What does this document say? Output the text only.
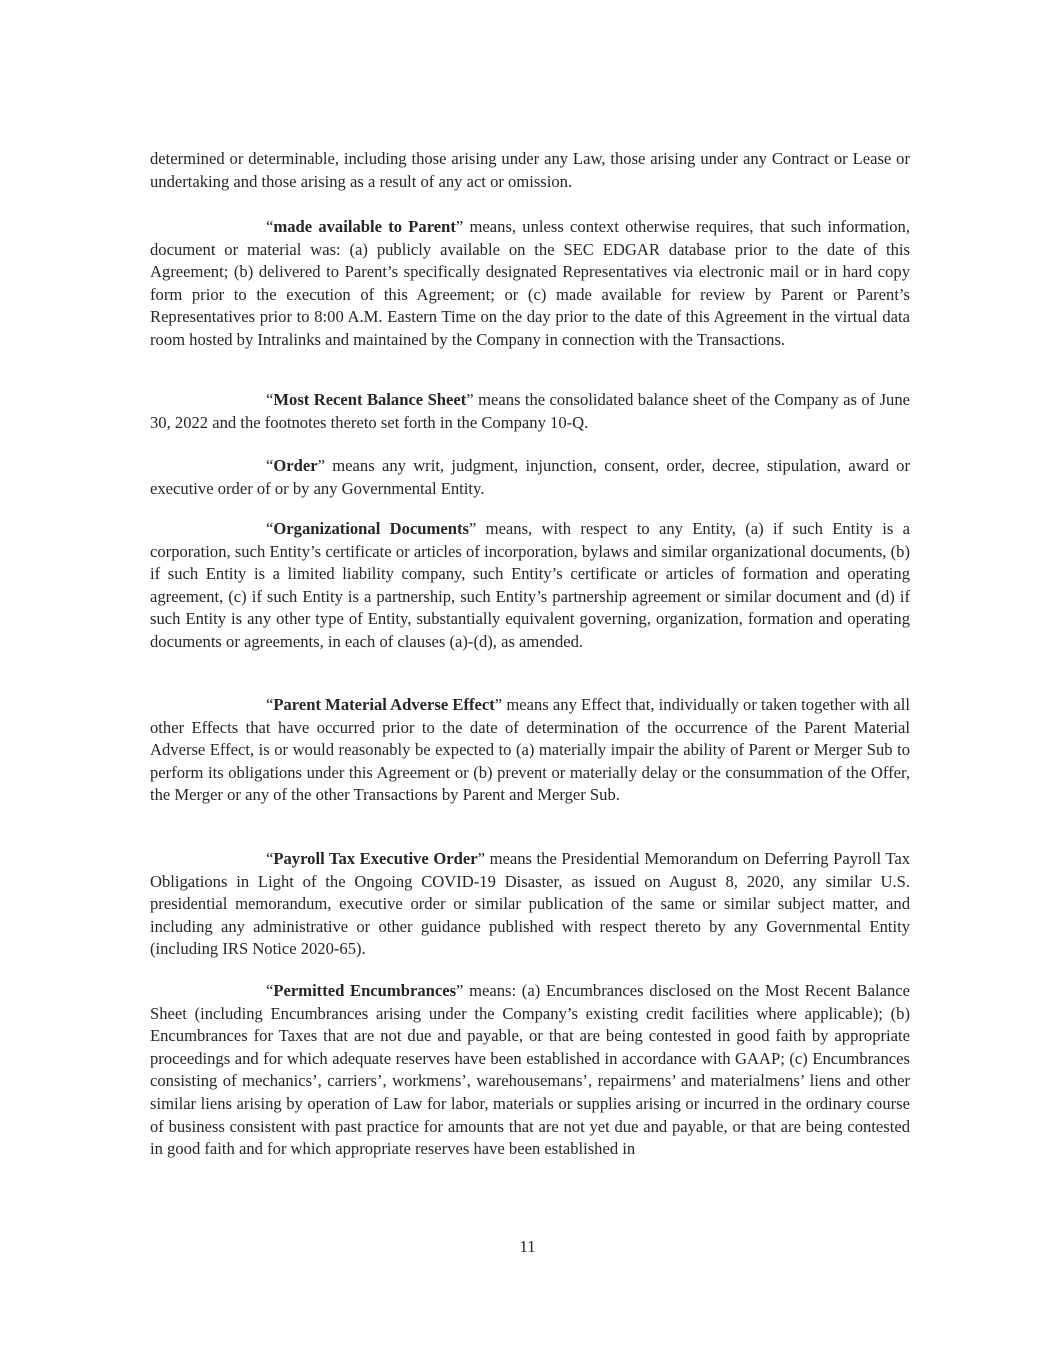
determined or determinable, including those arising under any Law, those arising under any Contract or Lease or undertaking and those arising as a result of any act or omission.

“made available to Parent” means, unless context otherwise requires, that such information, document or material was: (a) publicly available on the SEC EDGAR database prior to the date of this Agreement; (b) delivered to Parent’s specifically designated Representatives via electronic mail or in hard copy form prior to the execution of this Agreement; or (c) made available for review by Parent or Parent’s Representatives prior to 8:00 A.M. Eastern Time on the day prior to the date of this Agreement in the virtual data room hosted by Intralinks and maintained by the Company in connection with the Transactions.

“Most Recent Balance Sheet” means the consolidated balance sheet of the Company as of June 30, 2022 and the footnotes thereto set forth in the Company 10-Q.

“Order” means any writ, judgment, injunction, consent, order, decree, stipulation, award or executive order of or by any Governmental Entity.

“Organizational Documents” means, with respect to any Entity, (a) if such Entity is a corporation, such Entity’s certificate or articles of incorporation, bylaws and similar organizational documents, (b) if such Entity is a limited liability company, such Entity’s certificate or articles of formation and operating agreement, (c) if such Entity is a partnership, such Entity’s partnership agreement or similar document and (d) if such Entity is any other type of Entity, substantially equivalent governing, organization, formation and operating documents or agreements, in each of clauses (a)-(d), as amended.

“Parent Material Adverse Effect” means any Effect that, individually or taken together with all other Effects that have occurred prior to the date of determination of the occurrence of the Parent Material Adverse Effect, is or would reasonably be expected to (a) materially impair the ability of Parent or Merger Sub to perform its obligations under this Agreement or (b) prevent or materially delay or the consummation of the Offer, the Merger or any of the other Transactions by Parent and Merger Sub.

“Payroll Tax Executive Order” means the Presidential Memorandum on Deferring Payroll Tax Obligations in Light of the Ongoing COVID-19 Disaster, as issued on August 8, 2020, any similar U.S. presidential memorandum, executive order or similar publication of the same or similar subject matter, and including any administrative or other guidance published with respect thereto by any Governmental Entity (including IRS Notice 2020-65).

“Permitted Encumbrances” means: (a) Encumbrances disclosed on the Most Recent Balance Sheet (including Encumbrances arising under the Company’s existing credit facilities where applicable); (b) Encumbrances for Taxes that are not due and payable, or that are being contested in good faith by appropriate proceedings and for which adequate reserves have been established in accordance with GAAP; (c) Encumbrances consisting of mechanics’, carriers’, workmens’, warehousemans’, repairmens’ and materialmens’ liens and other similar liens arising by operation of Law for labor, materials or supplies arising or incurred in the ordinary course of business consistent with past practice for amounts that are not yet due and payable, or that are being contested in good faith and for which appropriate reserves have been established in

11
